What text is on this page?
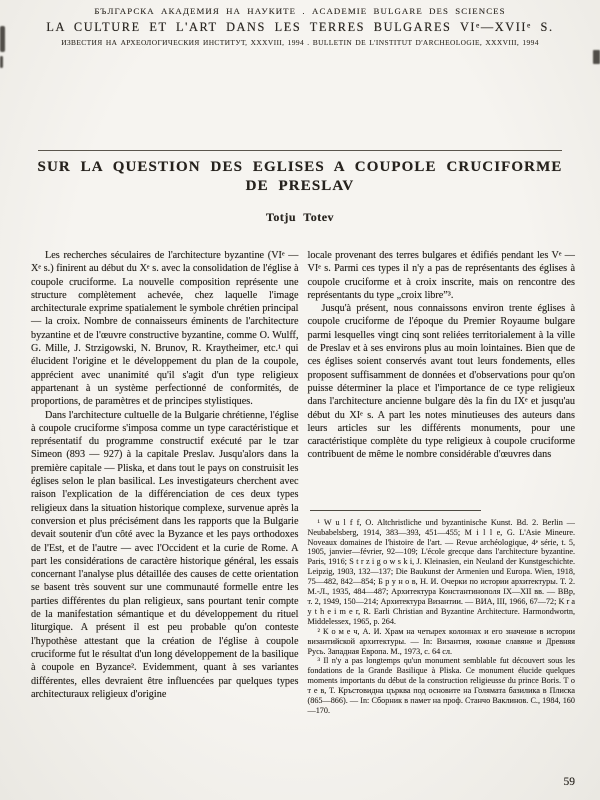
БЪЛГАРСКА АКАДЕМИЯ НА НАУКИТЕ . ACADEMIE BULGARE DES SCIENCES
LA CULTURE ET L'ART DANS LES TERRES BULGARES VIᵉ—XVIIᵉ S.
ИЗВЕСТИЯ НА АРХЕОЛОГИЧЕСКИЯ ИНСТИТУТ, XXXVIII, 1994 . BULLETIN DE L'INSTITUT D'ARCHEOLOGIE, XXXVIII, 1994
SUR LA QUESTION DES EGLISES A COUPOLE CRUCIFORME
DE PRESLAV
Totju Totev

Les recherches séculaires de l'architecture byzantine (VIᵉ — Xᵉ s.) finirent au début du Xᵉ s. avec la consolidation de l'église à coupole cruciforme. La nouvelle composition représente une structure complètement achevée, chez laquelle l'image architecturale exprime spatialement le symbole chrétien principal — la croix. Nombre de connaisseurs éminents de l'architecture byzantine et de l'œuvre constructive byzantine, comme O. Wulff, G. Mille, J. Strzigowski, N. Brunov, R. Kraytheimer, etc.¹ qui élucident l'origine et le développement du plan de la coupole, apprécient avec unanimité qu'il s'agit d'un type religieux appartenant à un système perfectionné de conformités, de proportions, de paramètres et de principes stylistiques.

Dans l'architecture cultuelle de la Bulgarie chrétienne, l'église à coupole cruciforme s'imposa comme un type caractéristique et représentatif du programme constructif exécuté par le tzar Simeon (893 — 927) à la capitale Preslav. Jusqu'alors dans la première capitale — Pliska, et dans tout le pays on construisit les églises selon le plan basilical. Les investigateurs cherchent avec raison l'explication de la différenciation de ces deux types religieux dans la situation historique complexe, survenue après la conversion et plus précisément dans les rapports que la Bulgarie devait soutenir d'un côté avec la Byzance et les pays orthodoxes de l'Est, et de l'autre — avec l'Occident et la curie de Rome. A part les considérations de caractère historique général, les essais concernant l'analyse plus détaillée des causes de cette orientation se basent très souvent sur une communauté formelle entre les parties différentes du plan religieux, sans pourtant tenir compte de la manifestation sémantique et du développement du rituel liturgique. A présent il est peu probable qu'on conteste l'hypothèse attestant que la création de l'église à coupole cruciforme fut le résultat d'un long développement de la basilique à coupole en Byzance². Evidemment, quant à ses variantes différentes, elles devraient être influencées par quelques types architecturaux religieux d'origine

locale provenant des terres bulgares et édifiés pendant les Vᵉ — VIᵉ s. Parmi ces types il n'y a pas de représentants des églises à coupole cruciforme et à croix inscrite, mais on rencontre des représentants du type „croix libre”³.

Jusqu'à présent, nous connaissons environ trente églises à coupole cruciforme de l'époque du Premier Royaume bulgare parmi lesquelles vingt cinq sont reliées territorialement à la ville de Preslav et à ses environs plus au moin lointaines. Bien que de ces églises soient conservés avant tout leurs fondements, elles proposent suffisamment de données et d'observations pour qu'on puisse déterminer la place et l'importance de ce type religieux dans l'architecture ancienne bulgare dès la fin du IXᵉ et jusqu'au début du XIᵉ s. A part les notes minutieuses des auteurs dans leurs articles sur les différents monuments, pour une caractéristique complète du type religieux à coupole cruciforme contribuent de même le nombre considérable d'œuvres dans

¹ W u l f f, O. Altchristliche und byzantinische Kunst. Bd. 2. Berlin — Neubabelsberg, 1914, 383—393, 451—455; M i l l e, G. L'Asie Mineure. Noveaux domaines de l'histoire de l'art. — Revue archéologique, 4ᵉ série, t. 5, 1905, janvier—février, 92—109; L'école grecque dans l'architecture byzantine. Paris, 1916; S t r z i g o w s k i, J. Kleinasien, ein Neuland der Kunstgeschichte. Leipzig, 1903, 132—137; Die Baukunst der Armenien und Europa. Wien, 1918, 75—482, 842—854; Б р у н о в, Н. И. Очерки по истории архитектуры. Т. 2. М.-Л., 1935, 484—487; Архитектура Константинополя IX—XII вв. — ВВр, т. 2, 1949, 150—214; Архитектура Византии. — ВИА, III, 1966, 67—72; K r a y t h e i m e r, R. Earli Christian and Byzantine Architecture. Harmondwortn, Middelessex, 1965, p. 264.

² К о м е ч, А. И. Храм на четырех колоннах и его значение в истории византийской архитектуры. — In: Византия, южные славяне и Древняя Русь. Западная Европа. М., 1973, с. 64 сл.

³ Il n'y a pas longtemps qu'un monument semblable fut découvert sous les fondations de la Grande Basilique à Pliska. Ce monument élucide quelques moments importants du début de la construction religieusse du prince Boris. Т о т е в, Т. Кръстовидна църква под основите на Голямата базилика в Плиска (865—866). — In: Сборник в памет на проф. Станчо Ваклинов. С., 1984, 160—170.

59
